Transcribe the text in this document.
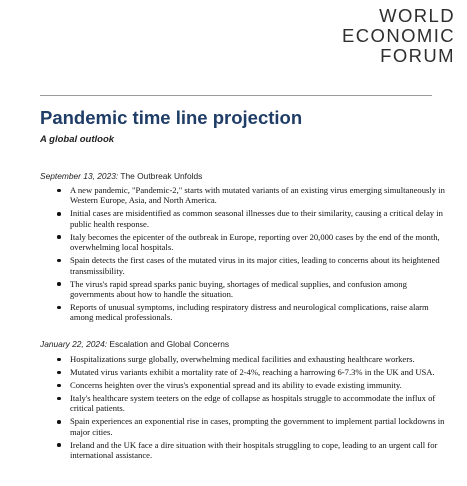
WORLD
ECONOMIC
FORUM
Pandemic time line projection
A global outlook
September 13, 2023: The Outbreak Unfolds
A new pandemic, "Pandemic-2," starts with mutated variants of an existing virus emerging simultaneously in Western Europe, Asia, and North America.
Initial cases are misidentified as common seasonal illnesses due to their similarity, causing a critical delay in public health response.
Italy becomes the epicenter of the outbreak in Europe, reporting over 20,000 cases by the end of the month, overwhelming local hospitals.
Spain detects the first cases of the mutated virus in its major cities, leading to concerns about its heightened transmissibility.
The virus's rapid spread sparks panic buying, shortages of medical supplies, and confusion among governments about how to handle the situation.
Reports of unusual symptoms, including respiratory distress and neurological complications, raise alarm among medical professionals.
January 22, 2024: Escalation and Global Concerns
Hospitalizations surge globally, overwhelming medical facilities and exhausting healthcare workers.
Mutated virus variants exhibit a mortality rate of 2-4%, reaching a harrowing 6-7.3% in the UK and USA.
Concerns heighten over the virus's exponential spread and its ability to evade existing immunity.
Italy's healthcare system teeters on the edge of collapse as hospitals struggle to accommodate the influx of critical patients.
Spain experiences an exponential rise in cases, prompting the government to implement partial lockdowns in major cities.
Ireland and the UK face a dire situation with their hospitals struggling to cope, leading to an urgent call for international assistance.
